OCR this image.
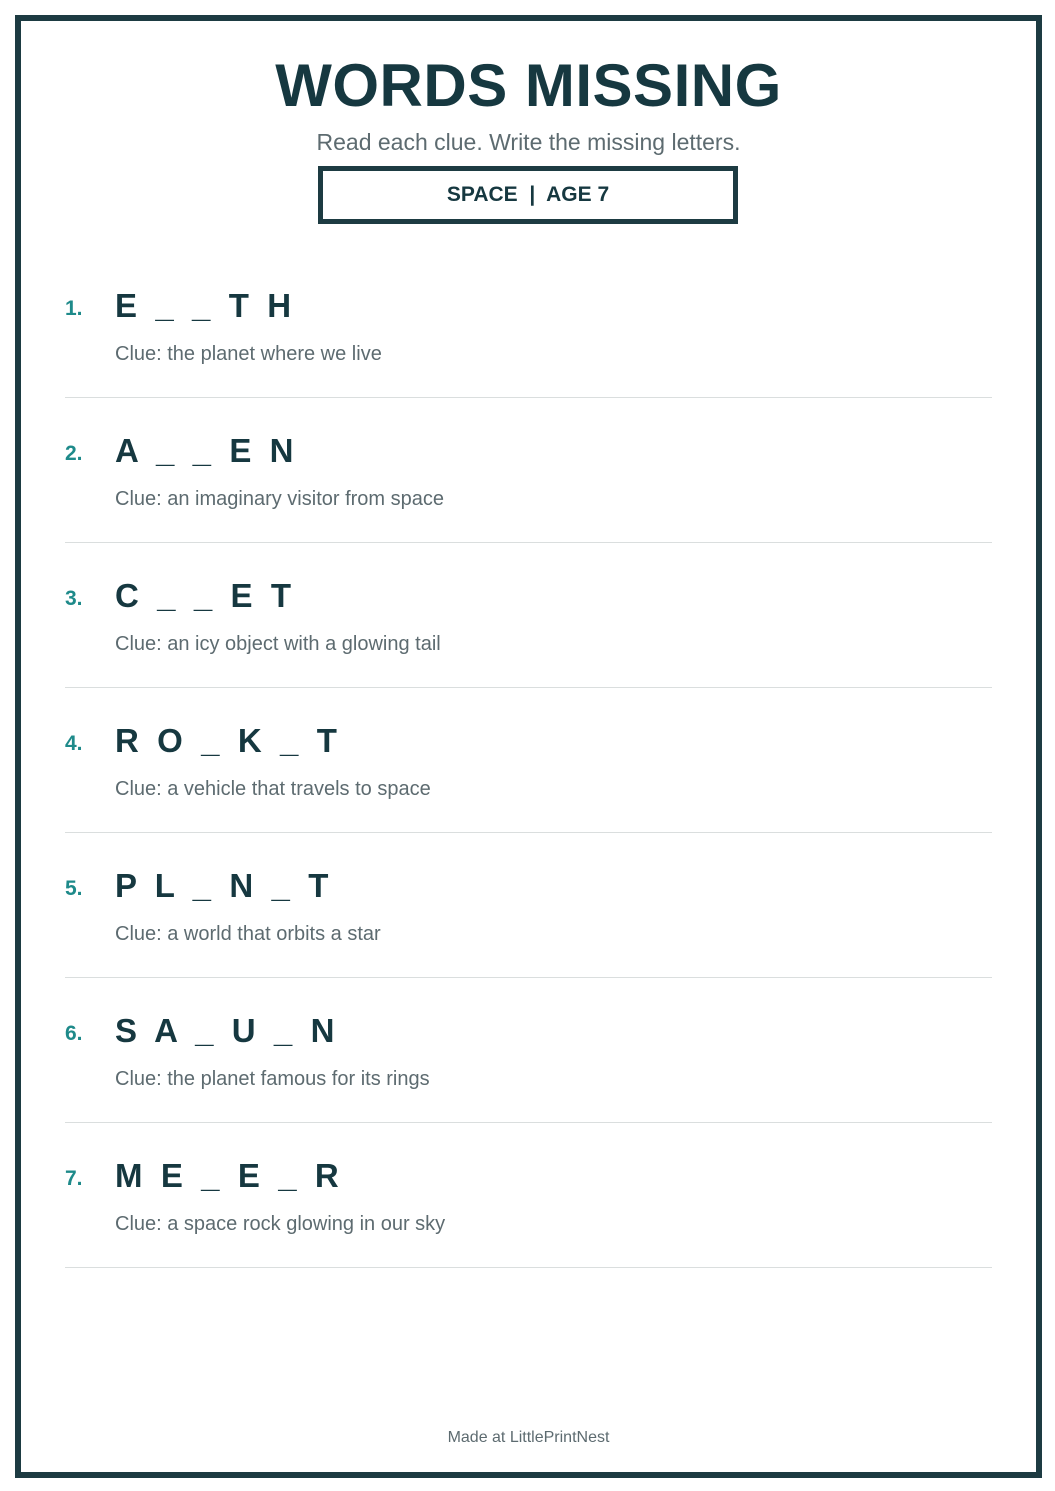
WORDS MISSING
Read each clue. Write the missing letters.
SPACE  |  AGE 7
1. E  _  _  T  H
Clue: the planet where we live
2. A  _  _  E  N
Clue: an imaginary visitor from space
3. C  _  _  E  T
Clue: an icy object with a glowing tail
4. R  O  _  K  _  T
Clue: a vehicle that travels to space
5. P  L  _  N  _  T
Clue: a world that orbits a star
6. S  A  _  U  _  N
Clue: the planet famous for its rings
7. M  E  _  E  _  R
Clue: a space rock glowing in our sky
Made at LittlePrintNest
